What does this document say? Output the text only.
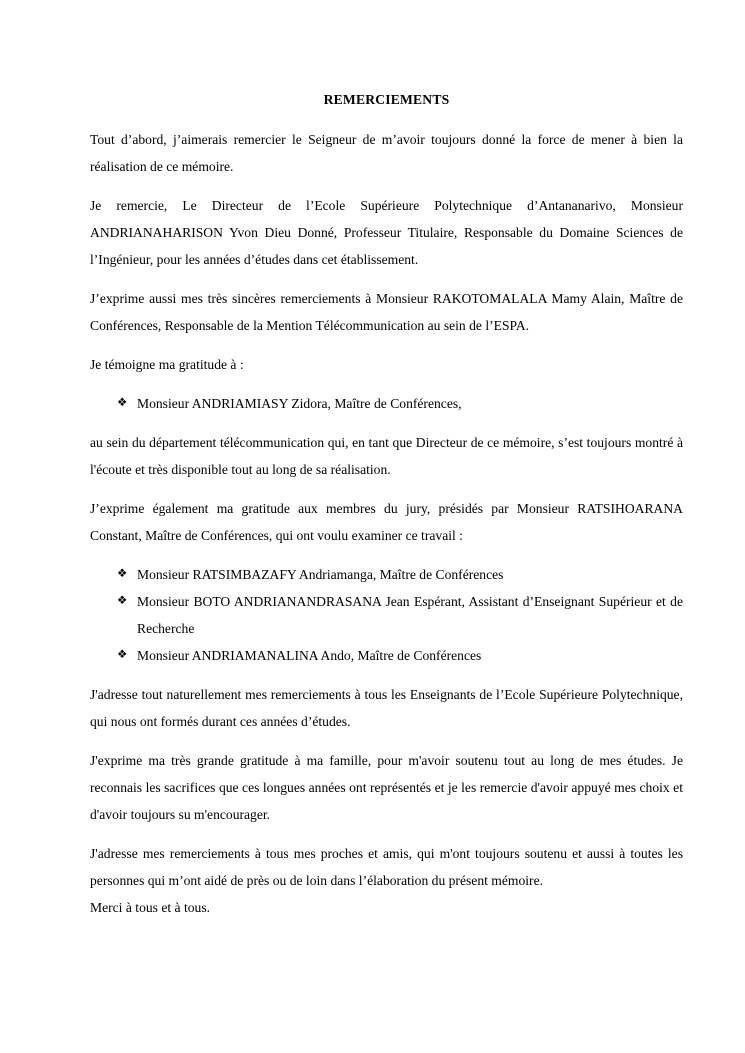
REMERCIEMENTS

Tout d’abord, j’aimerais remercier le Seigneur de m’avoir toujours donné la force de mener à bien la réalisation de ce mémoire.

Je remercie, Le Directeur de l’Ecole Supérieure Polytechnique d’Antananarivo, Monsieur ANDRIANAHARISON Yvon Dieu Donné, Professeur Titulaire, Responsable du Domaine Sciences de l’Ingénieur, pour les années d’études dans cet établissement.

J’exprime aussi mes très sincères remerciements à Monsieur RAKOTOMALALA Mamy Alain, Maître de Conférences, Responsable de la Mention Télécommunication au sein de l’ESPA.

Je témoigne ma gratitude à :

❖ Monsieur ANDRIAMIASY Zidora, Maître de Conférences,

au sein du département télécommunication qui, en tant que Directeur de ce mémoire, s’est toujours montré à l'écoute et très disponible tout au long de sa réalisation.

J’exprime également ma gratitude aux membres du jury, présidés par Monsieur RATSIHOARANA Constant, Maître de Conférences, qui ont voulu examiner ce travail :

❖ Monsieur RATSIMBAZAFY Andriamanga, Maître de Conférences
❖ Monsieur BOTO ANDRIANANDRASANA Jean Espérant, Assistant d’Enseignant Supérieur et de Recherche
❖ Monsieur ANDRIAMANALINA Ando, Maître de Conférences

J'adresse tout naturellement mes remerciements à tous les Enseignants de l’Ecole Supérieure Polytechnique, qui nous ont formés durant ces années d’études.

J'exprime ma très grande gratitude à ma famille, pour m'avoir soutenu tout au long de mes études. Je reconnais les sacrifices que ces longues années ont représentés et je les remercie d'avoir appuyé mes choix et d'avoir toujours su m'encourager.

J'adresse mes remerciements à tous mes proches et amis, qui m'ont toujours soutenu et aussi à toutes les personnes qui m’ont aidé de près ou de loin dans l’élaboration du présent mémoire.

Merci à tous et à tous.
